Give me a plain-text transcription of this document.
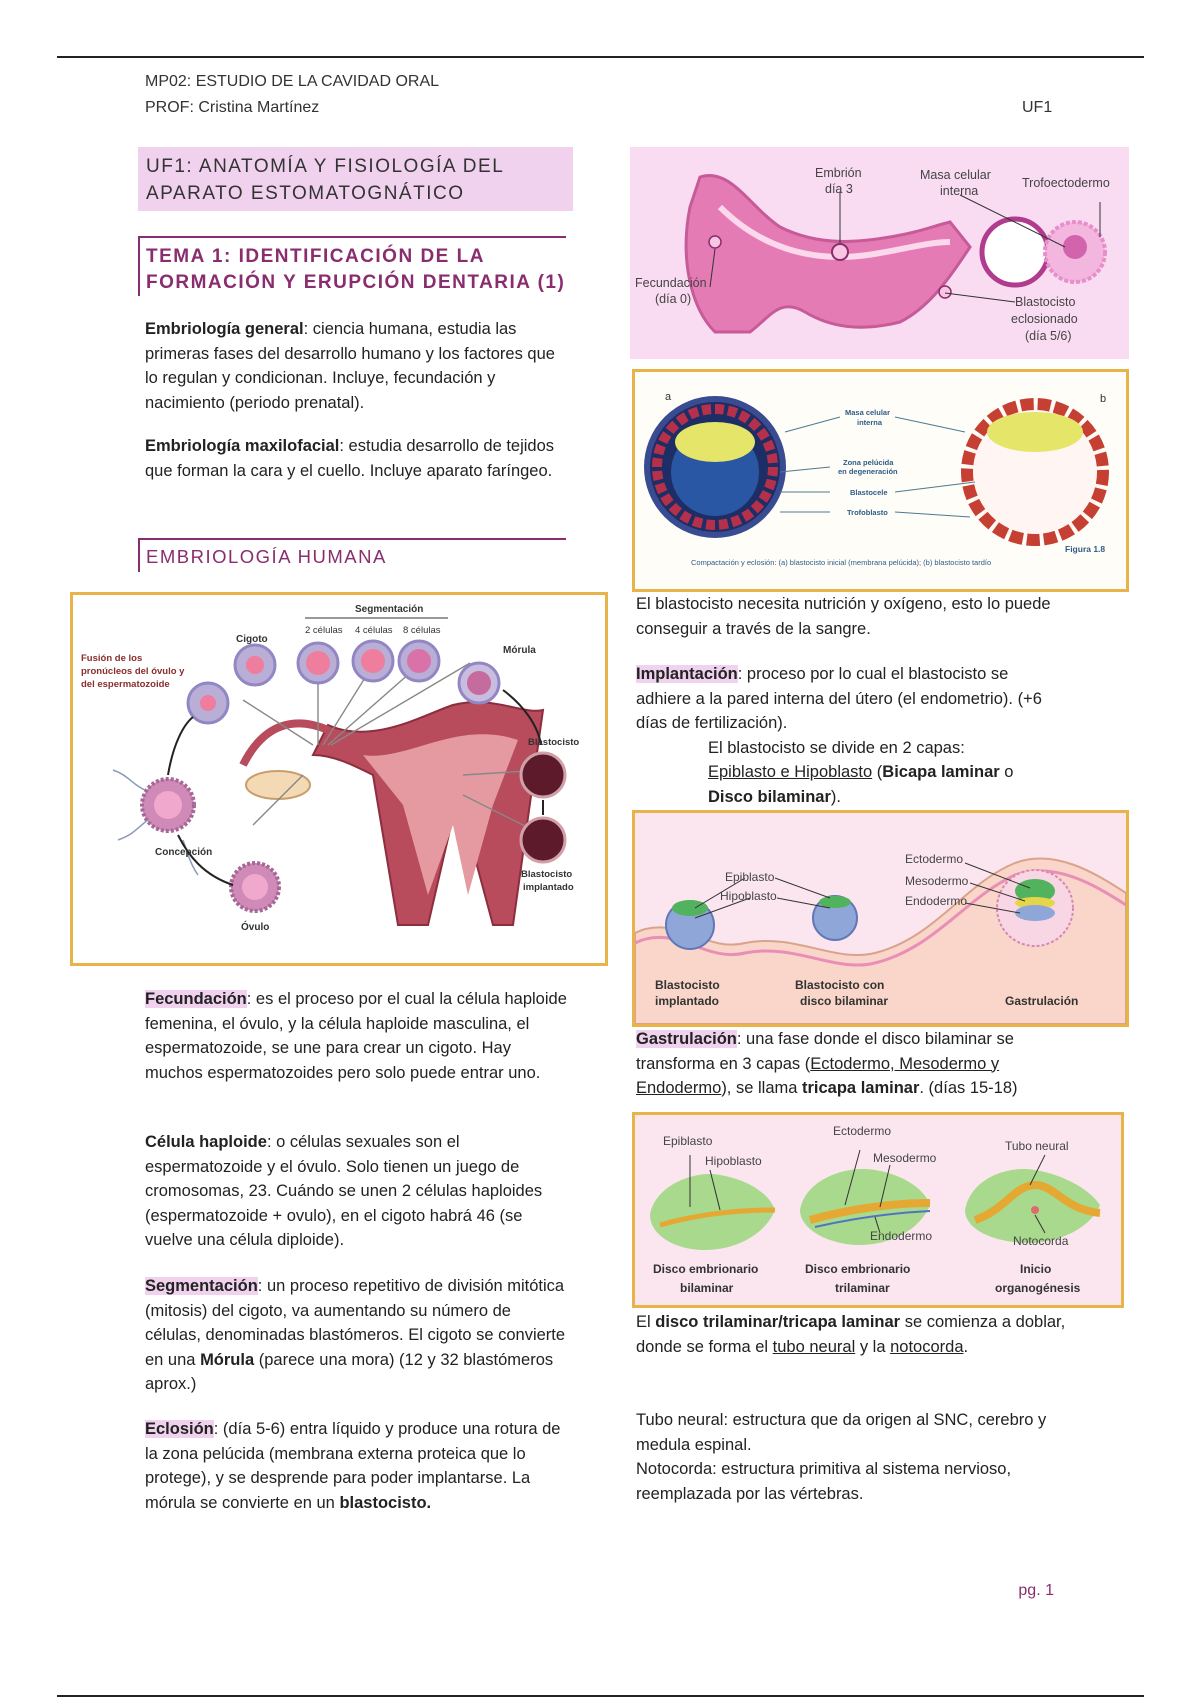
MP02: ESTUDIO DE LA CAVIDAD ORAL
PROF: Cristina Martínez	UF1
UF1: ANATOMÍA Y FISIOLOGÍA DEL
APARATO ESTOMATOGNÁTICO
TEMA 1: IDENTIFICACIÓN DE LA
FORMACIÓN Y ERUPCIÓN DENTARIA (1)
Embriología general: ciencia humana, estudia las primeras fases del desarrollo humano y los factores que lo regulan y condicionan. Incluye, fecundación y nacimiento (periodo prenatal).
Embriología maxilofacial: estudia desarrollo de tejidos que forman la cara y el cuello. Incluye aparato faríngeo.
EMBRIOLOGÍA HUMANA
Segmentación
2 células 4 células 8 células
Cigoto
Mórula
Fusión de los
pronúcleos del óvulo y
del espermatozoide
Blastocisto
Concepción
Blastocisto
implantado
Óvulo
Fecundación: es el proceso por el cual la célula haploide femenina, el óvulo, y la célula haploide masculina, el espermatozoide, se une para crear un cigoto. Hay muchos espermatozoides pero solo puede entrar uno.
Célula haploide: o células sexuales son el espermatozoide y el óvulo. Solo tienen un juego de cromosomas, 23. Cuándo se unen 2 células haploides (espermatozoide + ovulo), en el cigoto habrá 46 (se vuelve una célula diploide).
Segmentación: un proceso repetitivo de división mitótica (mitosis) del cigoto, va aumentando su número de células, denominadas blastómeros. El cigoto se convierte en una Mórula (parece una mora) (12 y 32 blastómeros aprox.)
Eclosión: (día 5-6) entra líquido y produce una rotura de la zona pelúcida (membrana externa proteica que lo protege), y se desprende para poder implantarse. La mórula se convierte en un blastocisto.
Embrión
día 3
Masa celular
interna
Trofoectodermo
Fecundación
(día 0)	Blastocisto
eclosionado
(día 5/6)
a	b
Masa celular
interna
Zona pelúcida
en degeneración
Blastocele
Trofoblasto
Figura 1.8
Compactación y eclosión: (a) blastocisto inicial (membrana pelúcida); (b) blastocisto tardío
El blastocisto necesita nutrición y oxígeno, esto lo puede conseguir a través de la sangre.
Implantación: proceso por lo cual el blastocisto se adhiere a la pared interna del útero (el endometrio). (+6 días de fertilización).
El blastocisto se divide en 2 capas:
Epiblasto e Hipoblasto (Bicapa laminar o
Disco bilaminar).
Epiblasto
Hipoblasto
Ectodermo
Mesodermo
Endodermo
Blastocisto
implantado
Blastocisto con
disco bilaminar	Gastrulación
Gastrulación: una fase donde el disco bilaminar se transforma en 3 capas (Ectodermo, Mesodermo y Endodermo), se llama tricapa laminar. (días 15-18)
Epiblasto
Hipoblasto
Ectodermo
Mesodermo
Endodermo
Tubo neural
Notocorda
Disco embrionario
bilaminar
Disco embrionario
trilaminar
Inicio
organogénesis
El disco trilaminar/tricapa laminar se comienza a doblar, donde se forma el tubo neural y la notocorda.
Tubo neural: estructura que da origen al SNC, cerebro y medula espinal.
Notocorda: estructura primitiva al sistema nervioso, reemplazada por las vértebras.
pg. 1
